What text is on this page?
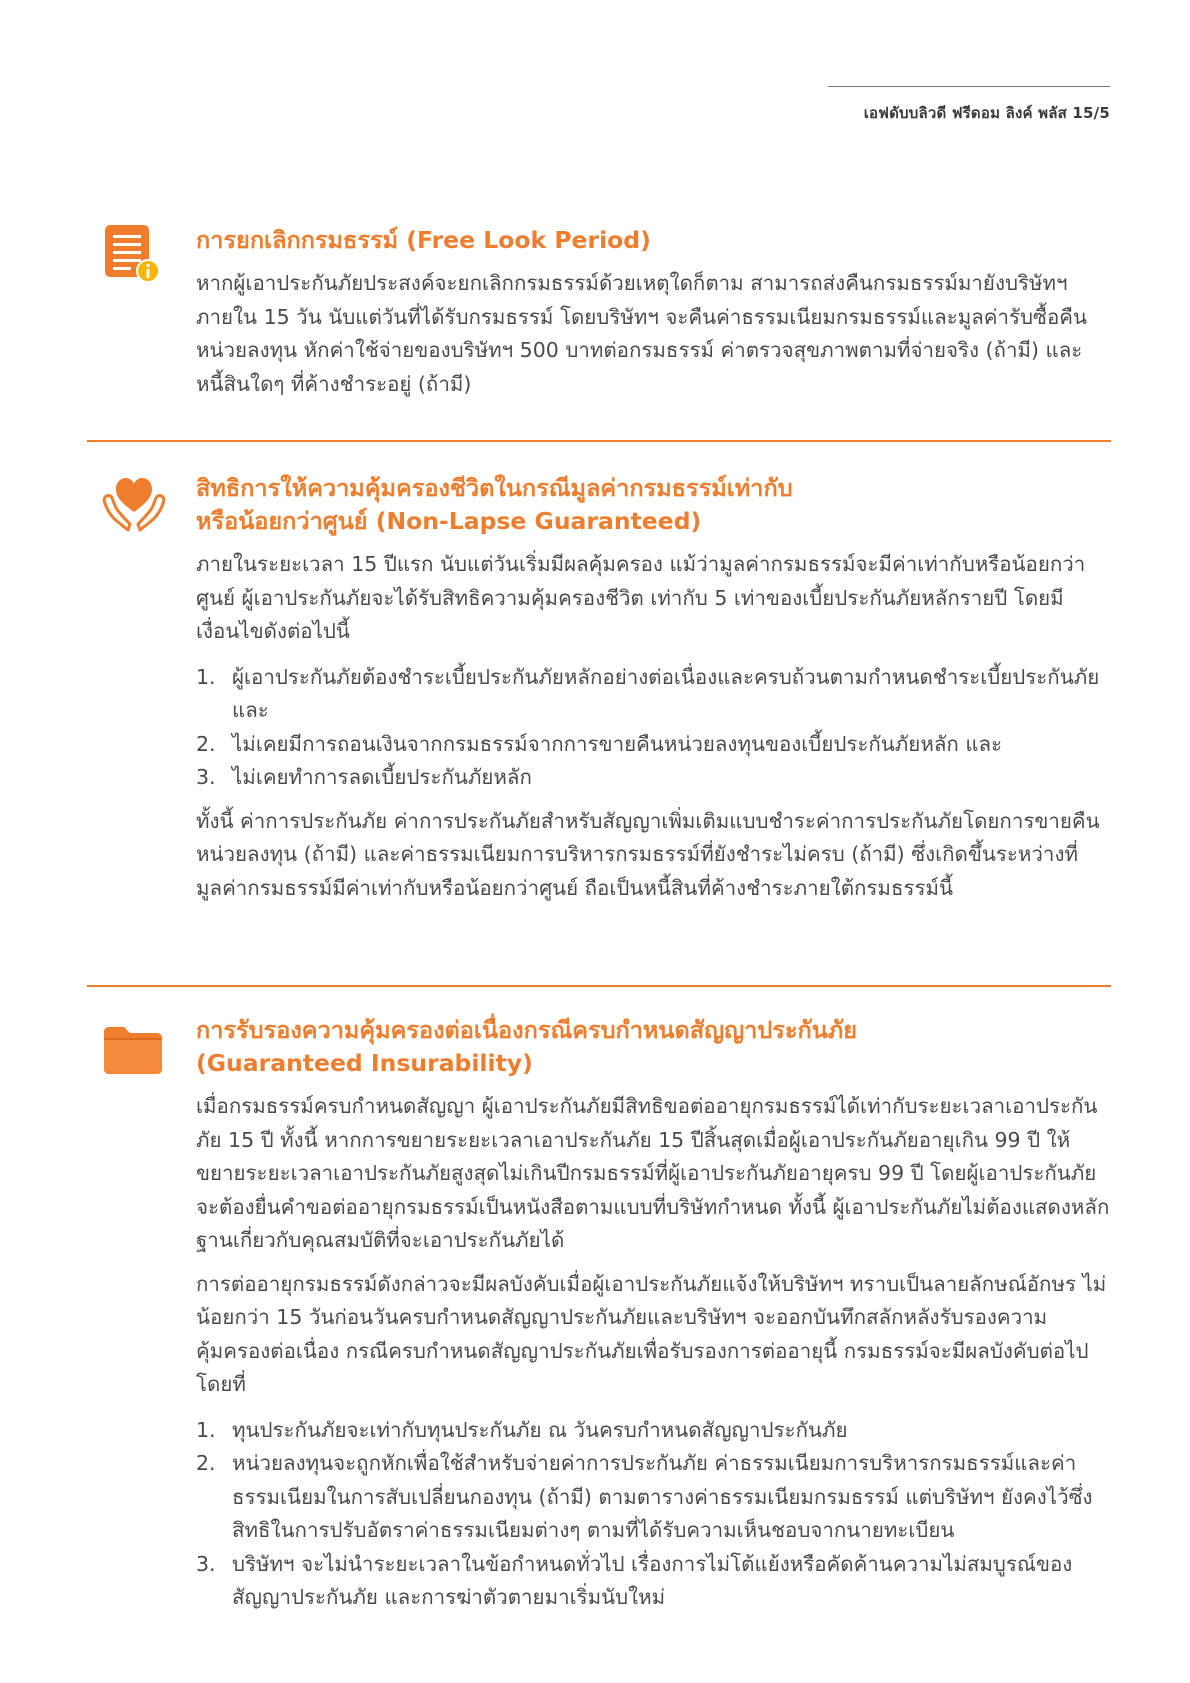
เอฟดับบลิวดี ฟรีดอม ลิงค์ พลัส 15/5
การยกเลิกกรมธรรม์ (Free Look Period)

หากผู้เอาประกันภัยประสงค์จะยกเลิกกรมธรรม์ด้วยเหตุใดก็ตาม สามารถส่งคืนกรมธรรม์มายังบริษัทฯ ภายใน 15 วัน นับแต่วันที่ได้รับกรมธรรม์ โดยบริษัทฯ จะคืนค่าธรรมเนียมกรมธรรม์และมูลค่ารับซื้อคืนหน่วยลงทุน หักค่าใช้จ่ายของบริษัทฯ 500 บาทต่อกรมธรรม์ ค่าตรวจสุขภาพตามที่จ่ายจริง (ถ้ามี) และ หนี้สินใดๆ ที่ค้างชำระอยู่ (ถ้ามี)

สิทธิการให้ความคุ้มครองชีวิตในกรณีมูลค่ากรมธรรม์เท่ากับ
หรือน้อยกว่าศูนย์ (Non-Lapse Guaranteed)

ภายในระยะเวลา 15 ปีแรก นับแต่วันเริ่มมีผลคุ้มครอง แม้ว่ามูลค่ากรมธรรม์จะมีค่าเท่ากับหรือน้อยกว่าศูนย์ ผู้เอาประกันภัยจะได้รับสิทธิความคุ้มครองชีวิต เท่ากับ 5 เท่าของเบี้ยประกันภัยหลักรายปี โดยมีเงื่อนไขดังต่อไปนี้

1. ผู้เอาประกันภัยต้องชำระเบี้ยประกันภัยหลักอย่างต่อเนื่องและครบถ้วนตามกำหนดชำระเบี้ยประกันภัย และ
2. ไม่เคยมีการถอนเงินจากกรมธรรม์จากการขายคืนหน่วยลงทุนของเบี้ยประกันภัยหลัก และ
3. ไม่เคยทำการลดเบี้ยประกันภัยหลัก

ทั้งนี้ ค่าการประกันภัย ค่าการประกันภัยสำหรับสัญญาเพิ่มเติมแบบชำระค่าการประกันภัยโดยการขายคืนหน่วยลงทุน (ถ้ามี) และค่าธรรมเนียมการบริหารกรมธรรม์ที่ยังชำระไม่ครบ (ถ้ามี) ซึ่งเกิดขึ้นระหว่างที่มูลค่ากรมธรรม์มีค่าเท่ากับหรือน้อยกว่าศูนย์ ถือเป็นหนี้สินที่ค้างชำระภายใต้กรมธรรม์นี้

การรับรองความคุ้มครองต่อเนื่องกรณีครบกำหนดสัญญาประกันภัย
(Guaranteed Insurability)

เมื่อกรมธรรม์ครบกำหนดสัญญา ผู้เอาประกันภัยมีสิทธิขอต่ออายุกรมธรรม์ได้เท่ากับระยะเวลาเอาประกันภัย 15 ปี ทั้งนี้ หากการขยายระยะเวลาเอาประกันภัย 15 ปีสิ้นสุดเมื่อผู้เอาประกันภัยอายุเกิน 99 ปี ให้ขยายระยะเวลาเอาประกันภัยสูงสุดไม่เกินปีกรมธรรม์ที่ผู้เอาประกันภัยอายุครบ 99 ปี โดยผู้เอาประกันภัยจะต้องยื่นคำขอต่ออายุกรมธรรม์เป็นหนังสือตามแบบที่บริษัทกำหนด ทั้งนี้ ผู้เอาประกันภัยไม่ต้องแสดงหลักฐานเกี่ยวกับคุณสมบัติที่จะเอาประกันภัยได้

การต่ออายุกรมธรรม์ดังกล่าวจะมีผลบังคับเมื่อผู้เอาประกันภัยแจ้งให้บริษัทฯ ทราบเป็นลายลักษณ์อักษร ไม่น้อยกว่า 15 วันก่อนวันครบกำหนดสัญญาประกันภัยและบริษัทฯ จะออกบันทึกสลักหลังรับรองความคุ้มครองต่อเนื่อง กรณีครบกำหนดสัญญาประกันภัยเพื่อรับรองการต่ออายุนี้ กรมธรรม์จะมีผลบังคับต่อไปโดยที่

1. ทุนประกันภัยจะเท่ากับทุนประกันภัย ณ วันครบกำหนดสัญญาประกันภัย
2. หน่วยลงทุนจะถูกหักเพื่อใช้สำหรับจ่ายค่าการประกันภัย ค่าธรรมเนียมการบริหารกรมธรรม์และค่าธรรมเนียมในการสับเปลี่ยนกองทุน (ถ้ามี) ตามตารางค่าธรรมเนียมกรมธรรม์ แต่บริษัทฯ ยังคงไว้ซึ่งสิทธิในการปรับอัตราค่าธรรมเนียมต่างๆ ตามที่ได้รับความเห็นชอบจากนายทะเบียน
3. บริษัทฯ จะไม่นำระยะเวลาในข้อกำหนดทั่วไป เรื่องการไม่โต้แย้งหรือคัดค้านความไม่สมบูรณ์ของสัญญาประกันภัย และการฆ่าตัวตายมาเริ่มนับใหม่
